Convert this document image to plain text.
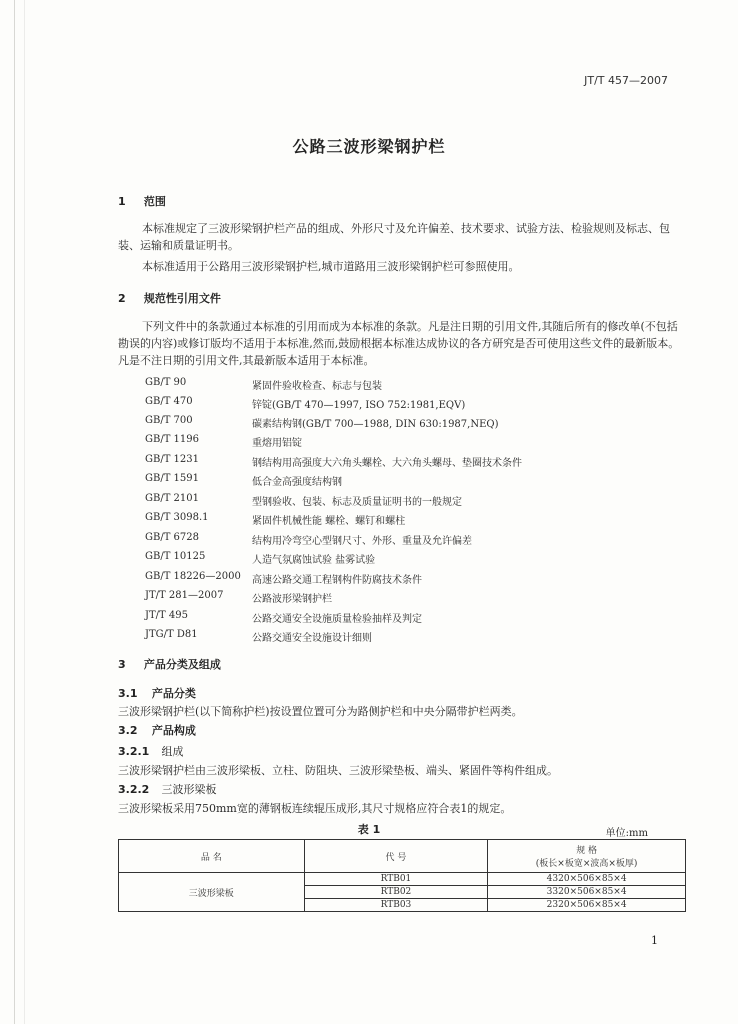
JT/T 457—2007
公路三波形梁钢护栏
1 范围
本标准规定了三波形梁钢护栏产品的组成、外形尺寸及允许偏差、技术要求、试验方法、检验规则及标志、包装、运输和质量证明书。
本标准适用于公路用三波形梁钢护栏,城市道路用三波形梁钢护栏可参照使用。
2 规范性引用文件
下列文件中的条款通过本标准的引用而成为本标准的条款。凡是注日期的引用文件,其随后所有的修改单(不包括勘误的内容)或修订版均不适用于本标准,然而,鼓励根据本标准达成协议的各方研究是否可使用这些文件的最新版本。凡是不注日期的引用文件,其最新版本适用于本标准。
GB/T 90	紧固件验收检查、标志与包装
GB/T 470	锌锭(GB/T 470—1997, ISO 752:1981,EQV)
GB/T 700	碳素结构钢(GB/T 700—1988, DIN 630:1987,NEQ)
GB/T 1196	重熔用铝锭
GB/T 1231	钢结构用高强度大六角头螺栓、大六角头螺母、垫圈技术条件
GB/T 1591	低合金高强度结构钢
GB/T 2101	型钢验收、包装、标志及质量证明书的一般规定
GB/T 3098.1	紧固件机械性能 螺栓、螺钉和螺柱
GB/T 6728	结构用冷弯空心型钢尺寸、外形、重量及允许偏差
GB/T 10125	人造气氛腐蚀试验 盐雾试验
GB/T 18226—2000 高速公路交通工程钢构件防腐技术条件
JT/T 281—2007	公路波形梁钢护栏
JT/T 495	公路交通安全设施质量检验抽样及判定
JTG/T D81	公路交通安全设施设计细则
3 产品分类及组成
3.1 产品分类
三波形梁钢护栏(以下简称护栏)按设置位置可分为路侧护栏和中央分隔带护栏两类。
3.2 产品构成
3.2.1 组成
三波形梁钢护栏由三波形梁板、立柱、防阻块、三波形梁垫板、端头、紧固件等构件组成。
3.2.2 三波形梁板
三波形梁板采用750mm宽的薄钢板连续辊压成形,其尺寸规格应符合表1的规定。
表 1	单位:mm
品 名	代 号	规 格
(板长×板宽×波高×板厚)

三波形梁板	RTB01	4320×506×85×4
	RTB02	3320×506×85×4
	RTB03	2320×506×85×4
1
